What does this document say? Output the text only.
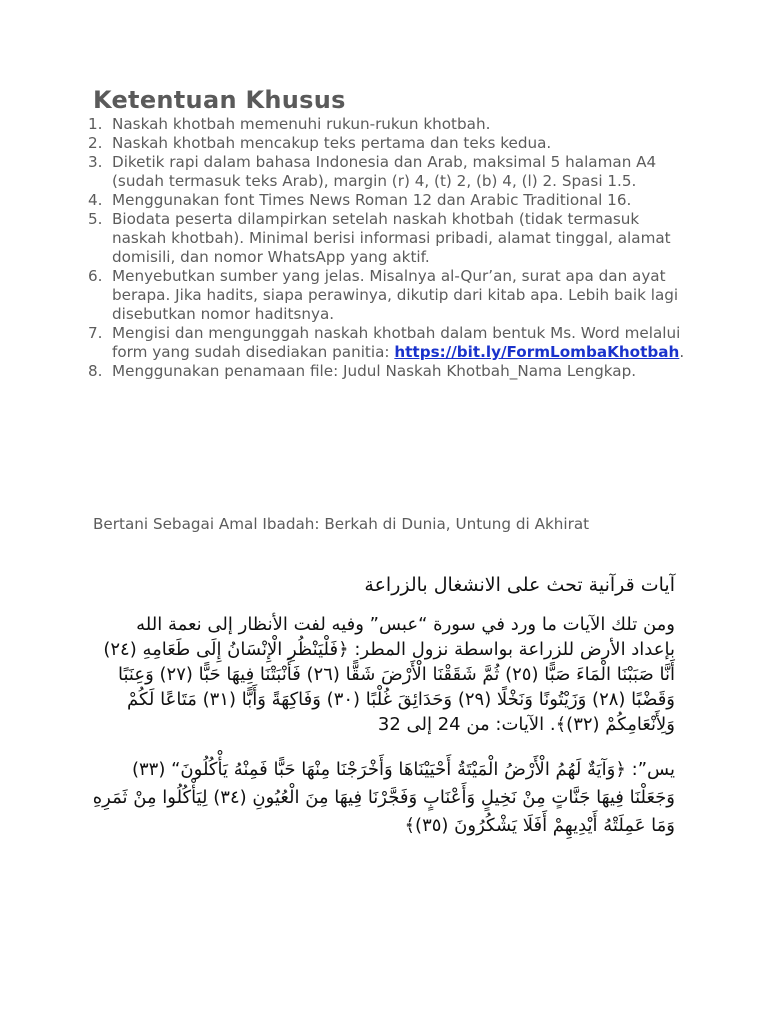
Ketentuan Khusus
1. Naskah khotbah memenuhi rukun-rukun khotbah.
2. Naskah khotbah mencakup teks pertama dan teks kedua.
3. Diketik rapi dalam bahasa Indonesia dan Arab, maksimal 5 halaman A4 (sudah termasuk teks Arab), margin (r) 4, (t) 2, (b) 4, (l) 2. Spasi 1.5.
4. Menggunakan font Times News Roman 12 dan Arabic Traditional 16.
5. Biodata peserta dilampirkan setelah naskah khotbah (tidak termasuk naskah khotbah). Minimal berisi informasi pribadi, alamat tinggal, alamat domisili, dan nomor WhatsApp yang aktif.
6. Menyebutkan sumber yang jelas. Misalnya al-Qur’an, surat apa dan ayat berapa. Jika hadits, siapa perawinya, dikutip dari kitab apa. Lebih baik lagi disebutkan nomor haditsnya.
7. Mengisi dan mengunggah naskah khotbah dalam bentuk Ms. Word melalui form yang sudah disediakan panitia: https://bit.ly/FormLombaKhotbah.
8. Menggunakan penamaan file: Judul Naskah Khotbah_Nama Lengkap.

Bertani Sebagai Amal Ibadah: Berkah di Dunia, Untung di Akhirat

آيات قرآنية تحث على الانشغال بالزراعة
ومن تلك الآيات ما ورد في سورة “عبس” وفيه لفت الأنظار إلى نعمة الله بإعداد الأرض للزراعة بواسطة نزول المطر: ﴿فَلْيَنْظُرِ الْإِنْسَانُ إِلَى طَعَامِهِ (٢٤) أَنَّا صَبَبْنَا الْمَاءَ صَبًّا (٢٥) ثُمَّ شَقَقْنَا الْأَرْضَ شَقًّا (٢٦) فَأَنْبَتْنَا فِيهَا حَبًّا (٢٧) وَعِنَبًا وَقَضْبًا (٢٨) وَزَيْتُونًا وَنَخْلًا (٢٩) وَحَدَائِقَ غُلْبًا (٣٠) وَفَاكِهَةً وَأَبًّا (٣١) مَتَاعًا لَكُمْ وَلِأَنْعَامِكُمْ (٣٢)﴾. الآيات: من 24 إلى 32
يس”: ﴿وَآيَةٌ لَهُمُ الْأَرْضُ الْمَيْتَةُ أَحْيَيْنَاهَا وَأَخْرَجْنَا مِنْهَا حَبًّا فَمِنْهُ يَأْكُلُونَ“ (٣٣) وَجَعَلْنَا فِيهَا جَنَّاتٍ مِنْ نَخِيلٍ وَأَعْنَابٍ وَفَجَّرْنَا فِيهَا مِنَ الْعُيُونِ (٣٤) لِيَأْكُلُوا مِنْ ثَمَرِهِ وَمَا عَمِلَتْهُ أَيْدِيهِمْ أَفَلَا يَشْكُرُونَ (٣٥)﴾
